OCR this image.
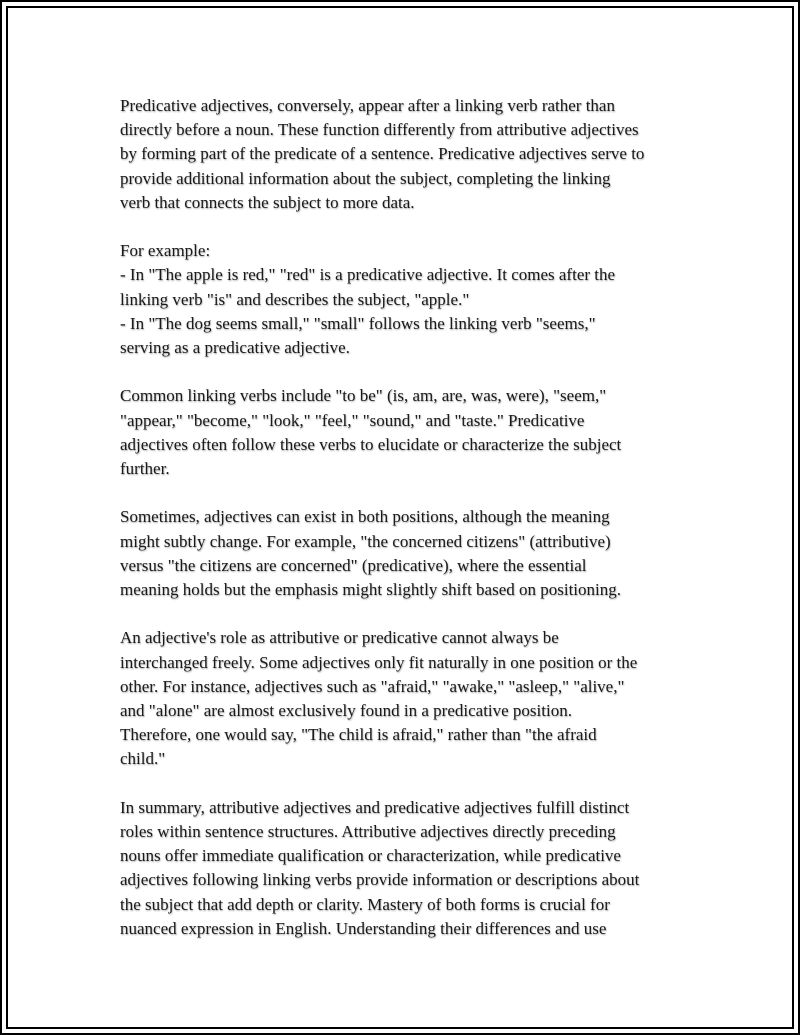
Predicative adjectives, conversely, appear after a linking verb rather than
directly before a noun. These function differently from attributive adjectives
by forming part of the predicate of a sentence. Predicative adjectives serve to
provide additional information about the subject, completing the linking
verb that connects the subject to more data.

For example:
- In "The apple is red," "red" is a predicative adjective. It comes after the
linking verb "is" and describes the subject, "apple."
- In "The dog seems small," "small" follows the linking verb "seems,"
serving as a predicative adjective.

Common linking verbs include "to be" (is, am, are, was, were), "seem,"
"appear," "become," "look," "feel," "sound," and "taste." Predicative
adjectives often follow these verbs to elucidate or characterize the subject
further.

Sometimes, adjectives can exist in both positions, although the meaning
might subtly change. For example, "the concerned citizens" (attributive)
versus "the citizens are concerned" (predicative), where the essential
meaning holds but the emphasis might slightly shift based on positioning.

An adjective's role as attributive or predicative cannot always be
interchanged freely. Some adjectives only fit naturally in one position or the
other. For instance, adjectives such as "afraid," "awake," "asleep," "alive,"
and "alone" are almost exclusively found in a predicative position.
Therefore, one would say, "The child is afraid," rather than "the afraid
child."

In summary, attributive adjectives and predicative adjectives fulfill distinct
roles within sentence structures. Attributive adjectives directly preceding
nouns offer immediate qualification or characterization, while predicative
adjectives following linking verbs provide information or descriptions about
the subject that add depth or clarity. Mastery of both forms is crucial for
nuanced expression in English. Understanding their differences and use
